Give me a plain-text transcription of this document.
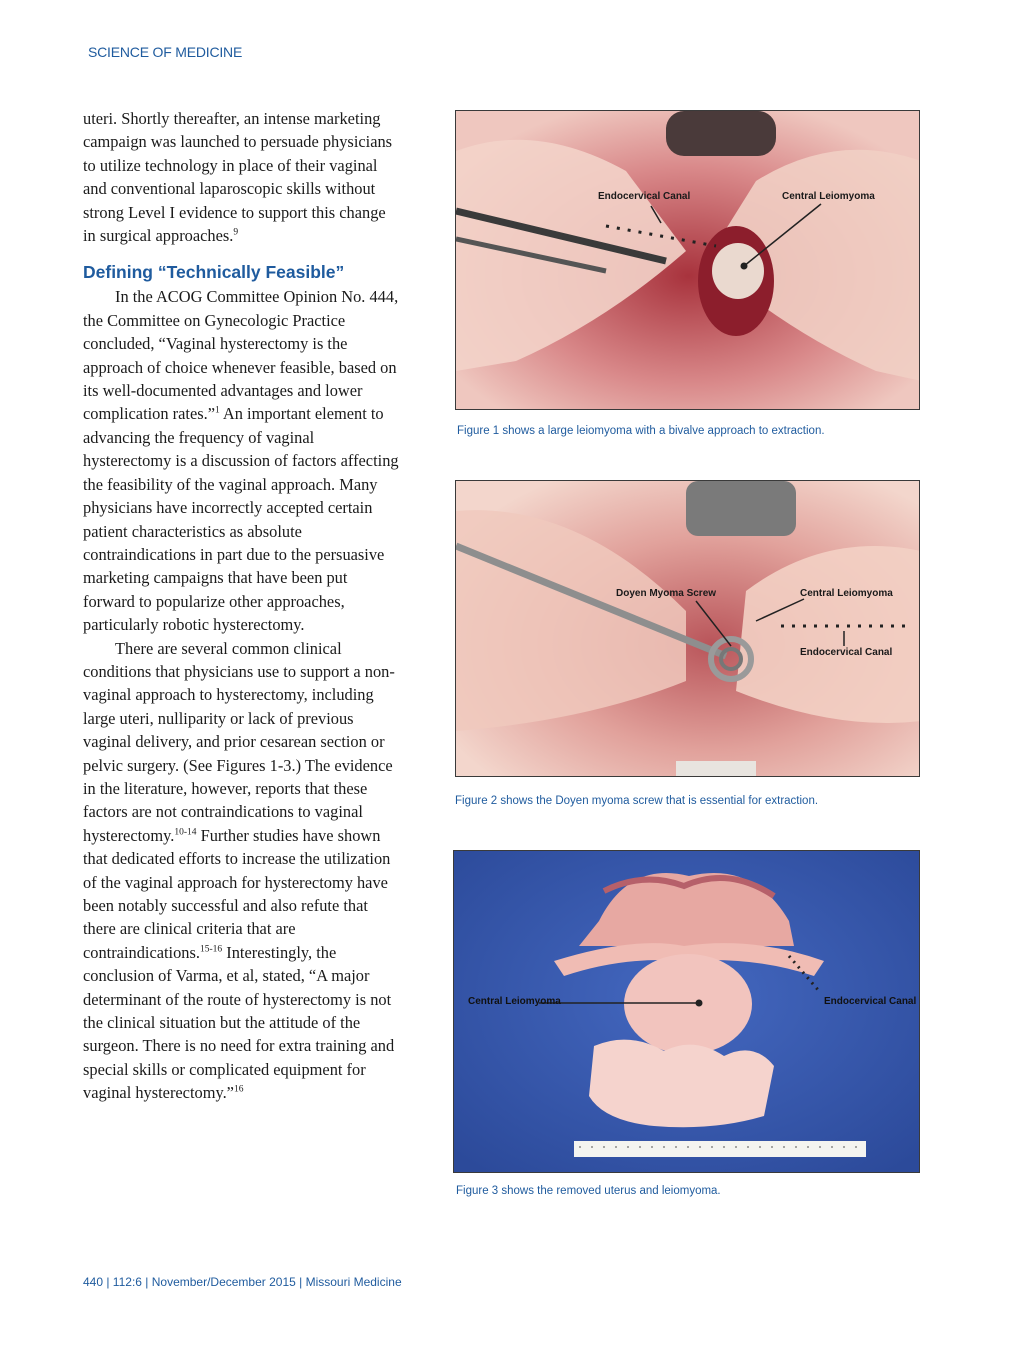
SCIENCE OF MEDICINE

uteri. Shortly thereafter, an intense marketing campaign was launched to persuade physicians to utilize technology in place of their vaginal and conventional laparoscopic skills without strong Level I evidence to support this change in surgical approaches.$^9$

Defining “Technically Feasible”

In the ACOG Committee Opinion No. 444, the Committee on Gynecologic Practice concluded, “Vaginal hysterectomy is the approach of choice whenever feasible, based on its well-documented advantages and lower complication rates.”$^1$ An important element to advancing the frequency of vaginal hysterectomy is a discussion of factors affecting the feasibility of the vaginal approach. Many physicians have incorrectly accepted certain patient characteristics as absolute contraindications in part due to the persuasive marketing campaigns that have been put forward to popularize other approaches, particularly robotic hysterectomy.

There are several common clinical conditions that physicians use to support a non-vaginal approach to hysterectomy, including large uteri, nulliparity or lack of previous vaginal delivery, and prior cesarean section or pelvic surgery. (See Figures 1-3.) The evidence in the literature, however, reports that these factors are not contraindications to vaginal hysterectomy.$^{10-14}$ Further studies have shown that dedicated efforts to increase the utilization of the vaginal approach for hysterectomy have been notably successful and also refute that there are clinical criteria that are contraindications.$^{15-16}$ Interestingly, the conclusion of Varma, et al, stated, “A major determinant of the route of hysterectomy is not the clinical situation but the attitude of the surgeon. There is no need for extra training and special skills or complicated equipment for vaginal hysterectomy.”$^{16}$

Endocervical Canal	Central Leiomyoma
Figure 1 shows a large leiomyoma with a bivalve approach to extraction.
Doyen Myoma Screw	Central Leiomyoma
Endocervical Canal
Figure 2 shows the Doyen myoma screw that is essential for extraction.
Central Leiomyoma	Endocervical Canal
Figure 3 shows the removed uterus and leiomyoma.
440 | 112:6 | November/December 2015 | Missouri Medicine
